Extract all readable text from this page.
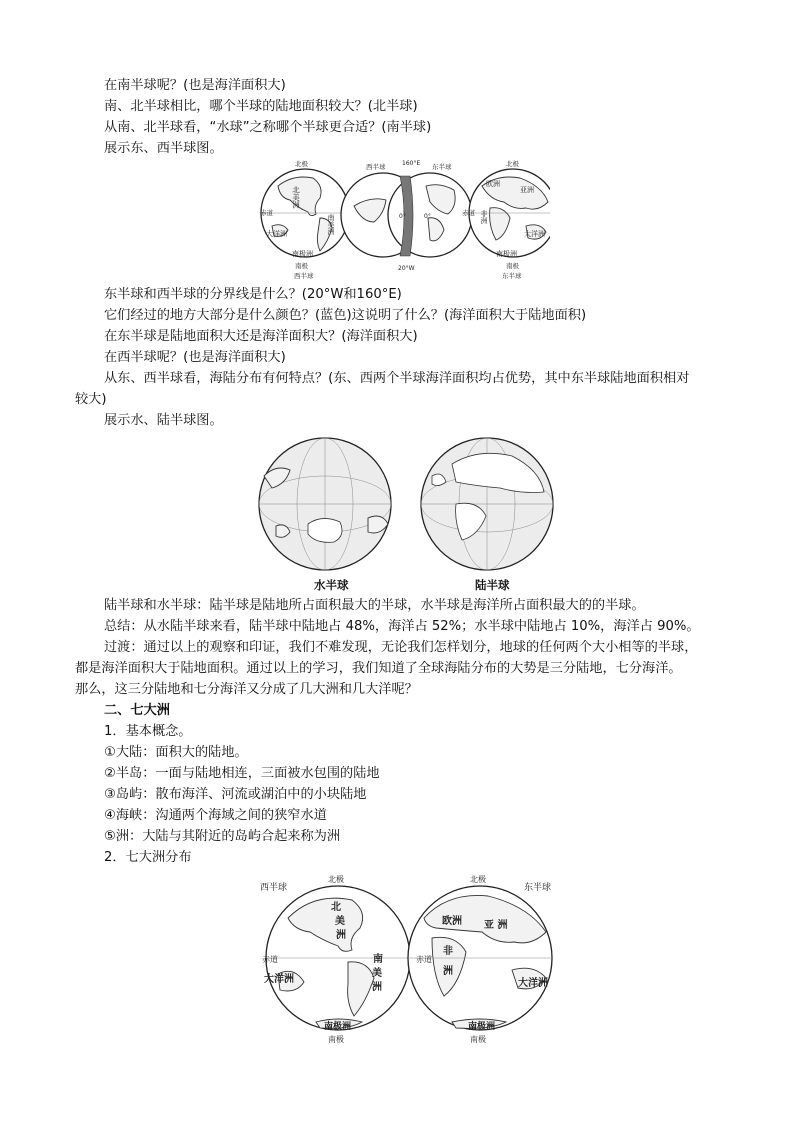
在南半球呢？(也是海洋面积大)
南、北半球相比，哪个半球的陆地面积较大？(北半球)
从南、北半球看，“水球”之称哪个半球更合适？(南半球)
展示东、西半球图。
北极
赤道
北美洲
南美洲
大洋洲
南极洲
南极
西半球
西半球	160°E 东半球
0°	0°
20°W
北极
赤道
欧洲
亚洲
非洲
大洋洲
南极洲
南极
东半球
东半球和西半球的分界线是什么？(20°W和160°E)
它们经过的地方大部分是什么颜色？(蓝色)这说明了什么？(海洋面积大于陆地面积)
在东半球是陆地面积大还是海洋面积大？(海洋面积大)
在西半球呢？(也是海洋面积大)
从东、西半球看，海陆分布有何特点？(东、西两个半球海洋面积均占优势，其中东半球陆地面积相对
较大)
展示水、陆半球图。
水半球	陆半球
陆半球和水半球：陆半球是陆地所占面积最大的半球，水半球是海洋所占面积最大的的半球。
总结：从水陆半球来看，陆半球中陆地占 48%，海洋占 52%；水半球中陆地占 10%，海洋占 90%。
过渡：通过以上的观察和印证，我们不难发现，无论我们怎样划分，地球的任何两个大小相等的半球，
都是海洋面积大于陆地面积。通过以上的学习，我们知道了全球海陆分布的大势是三分陆地，七分海洋。
那么，这三分陆地和七分海洋又分成了几大洲和几大洋呢？
二、七大洲
1．基本概念。
①大陆：面积大的陆地。
②半岛：一面与陆地相连，三面被水包围的陆地
③岛屿：散布海洋、河流或湖泊中的小块陆地
④海峡：沟通两个海域之间的狭窄水道
⑤洲：大陆与其附近的岛屿合起来称为洲
2．七大洲分布
北极
西半球
赤道
北
美
洲
南
美
洲
大洋洲
南极洲
南极
北极
东半球
赤道
欧洲 亚 洲
非
洲
大洋洲
南极洲
南极
